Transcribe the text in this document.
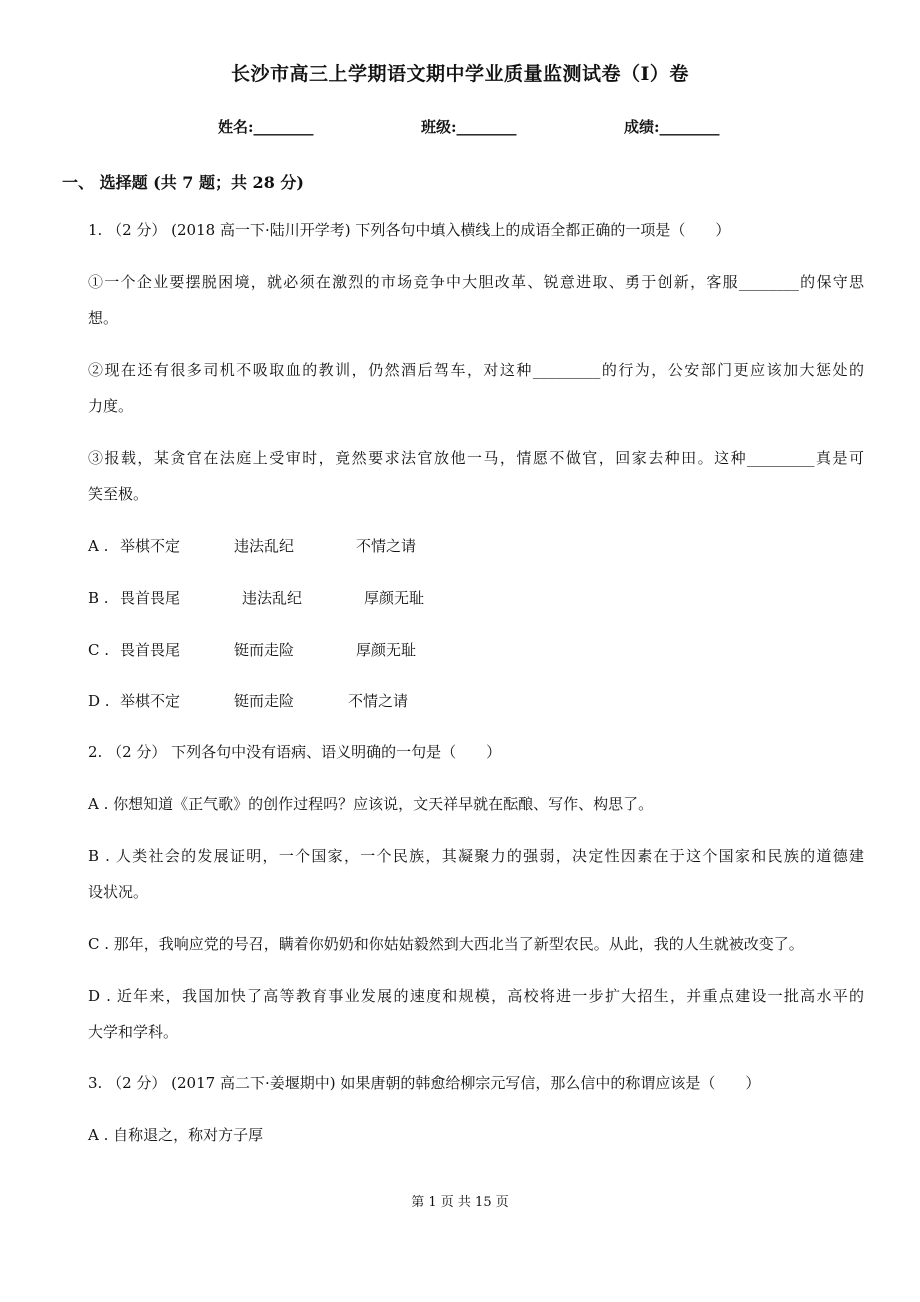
长沙市高三上学期语文期中学业质量监测试卷（I）卷
姓名:________	班级:________	成绩:________
一、 选择题 (共 7 题；共 28 分)
1. （2 分） (2018 高一下·陆川开学考) 下列各句中填入横线上的成语全都正确的一项是（　　）
①一个企业要摆脱困境，就必须在激烈的市场竞争中大胆改革、锐意进取、勇于创新，客服________的保守思
想。
②现在还有很多司机不吸取血的教训，仍然酒后驾车，对这种_________的行为，公安部门更应该加大惩处的
力度。
③报载，某贪官在法庭上受审时，竟然要求法官放他一马，情愿不做官，回家去种田。这种_________真是可
笑至极。
A . 举棋不定	违法乱纪	不情之请
B . 畏首畏尾	违法乱纪	厚颜无耻
C . 畏首畏尾	铤而走险	厚颜无耻
D . 举棋不定	铤而走险	不情之请
2. （2 分） 下列各句中没有语病、语义明确的一句是（　　）
A . 你想知道《正气歌》的创作过程吗？应该说，文天祥早就在酝酿、写作、构思了。
B . 人类社会的发展证明，一个国家，一个民族，其凝聚力的强弱，决定性因素在于这个国家和民族的道德建
设状况。
C . 那年，我响应党的号召，瞒着你奶奶和你姑姑毅然到大西北当了新型农民。从此，我的人生就被改变了。
D . 近年来，我国加快了高等教育事业发展的速度和规模，高校将进一步扩大招生，并重点建设一批高水平的
大学和学科。
3. （2 分） (2017 高二下·姜堰期中) 如果唐朝的韩愈给柳宗元写信，那么信中的称谓应该是（　　）
A . 自称退之，称对方子厚
第 1 页 共 15 页
